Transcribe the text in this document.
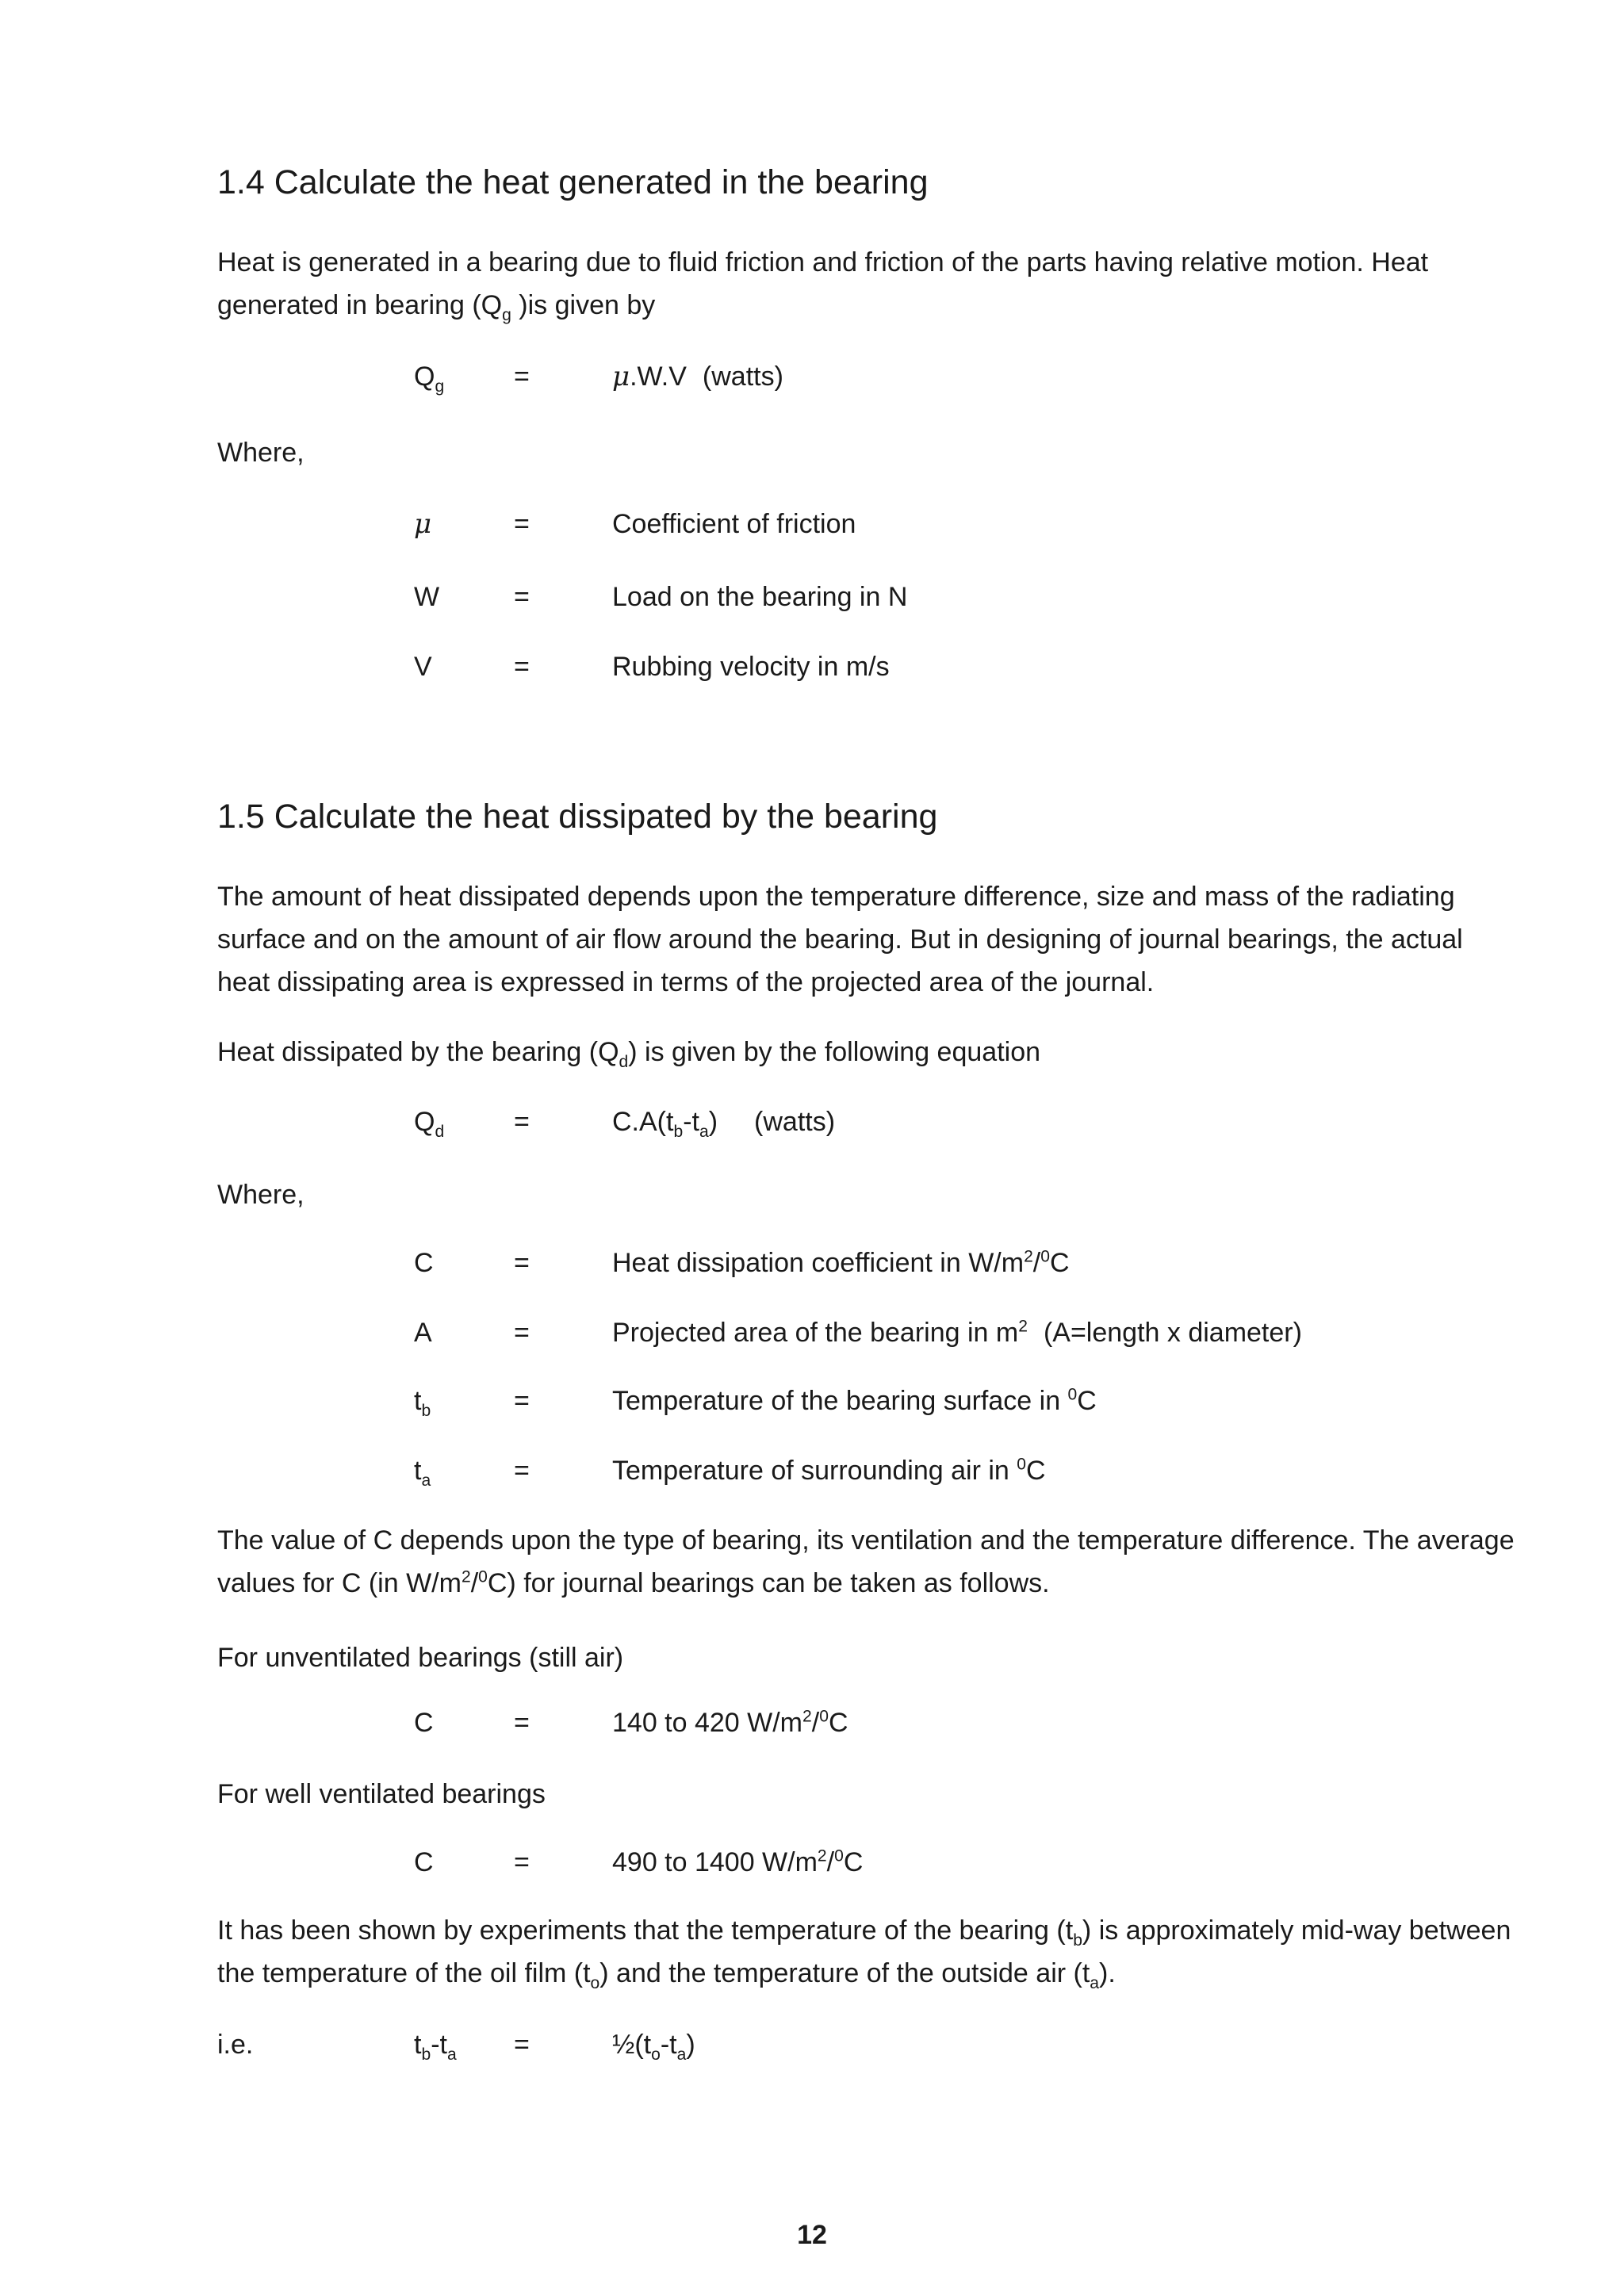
1.4 Calculate the heat generated in the bearing

Heat is generated in a bearing due to fluid friction and friction of the parts having relative motion. Heat generated in bearing ($Q_g$ )is given by

$Q_g$	=	μ.W.V (watts)
Where,
μ	=	Coefficient of friction
W	=	Load on the bearing in N
V	=	Rubbing velocity in m/s
1.5 Calculate the heat dissipated by the bearing

The amount of heat dissipated depends upon the temperature difference, size and mass of the radiating surface and on the amount of air flow around the bearing. But in designing of journal bearings, the actual heat dissipating area is expressed in terms of the projected area of the journal.

Heat dissipated by the bearing $(Q_d)$ is given by the following equation

$Q_d$	=	$C.A(t_b-t_a)$ (watts)
Where,
C	=	Heat dissipation coefficient in $W/m^2/^0C$
A	=	Projected area of the bearing in $m^2$ (A=length x diameter)
$t_b$	=	Temperature of the bearing surface in $^0$C
$t_a$	=	Temperature of surrounding air in $^0$C

The value of C depends upon the type of bearing, its ventilation and the temperature difference. The average values for C (in $W/m^2/^0C$) for journal bearings can be taken as follows.

For unventilated bearings (still air)
C	=	140 to 420 $W/m^2/^0C$
For well ventilated bearings
C	=	490 to 1400 $W/m^2/^0C$

It has been shown by experiments that the temperature of the bearing $(t_b)$ is approximately mid-way between the temperature of the oil film $(t_o)$ and the temperature of the outside air $(t_a)$.

i.e.	$t_b-t_a$ =	$\frac{1}{2}(t_o-t_a)$
12
